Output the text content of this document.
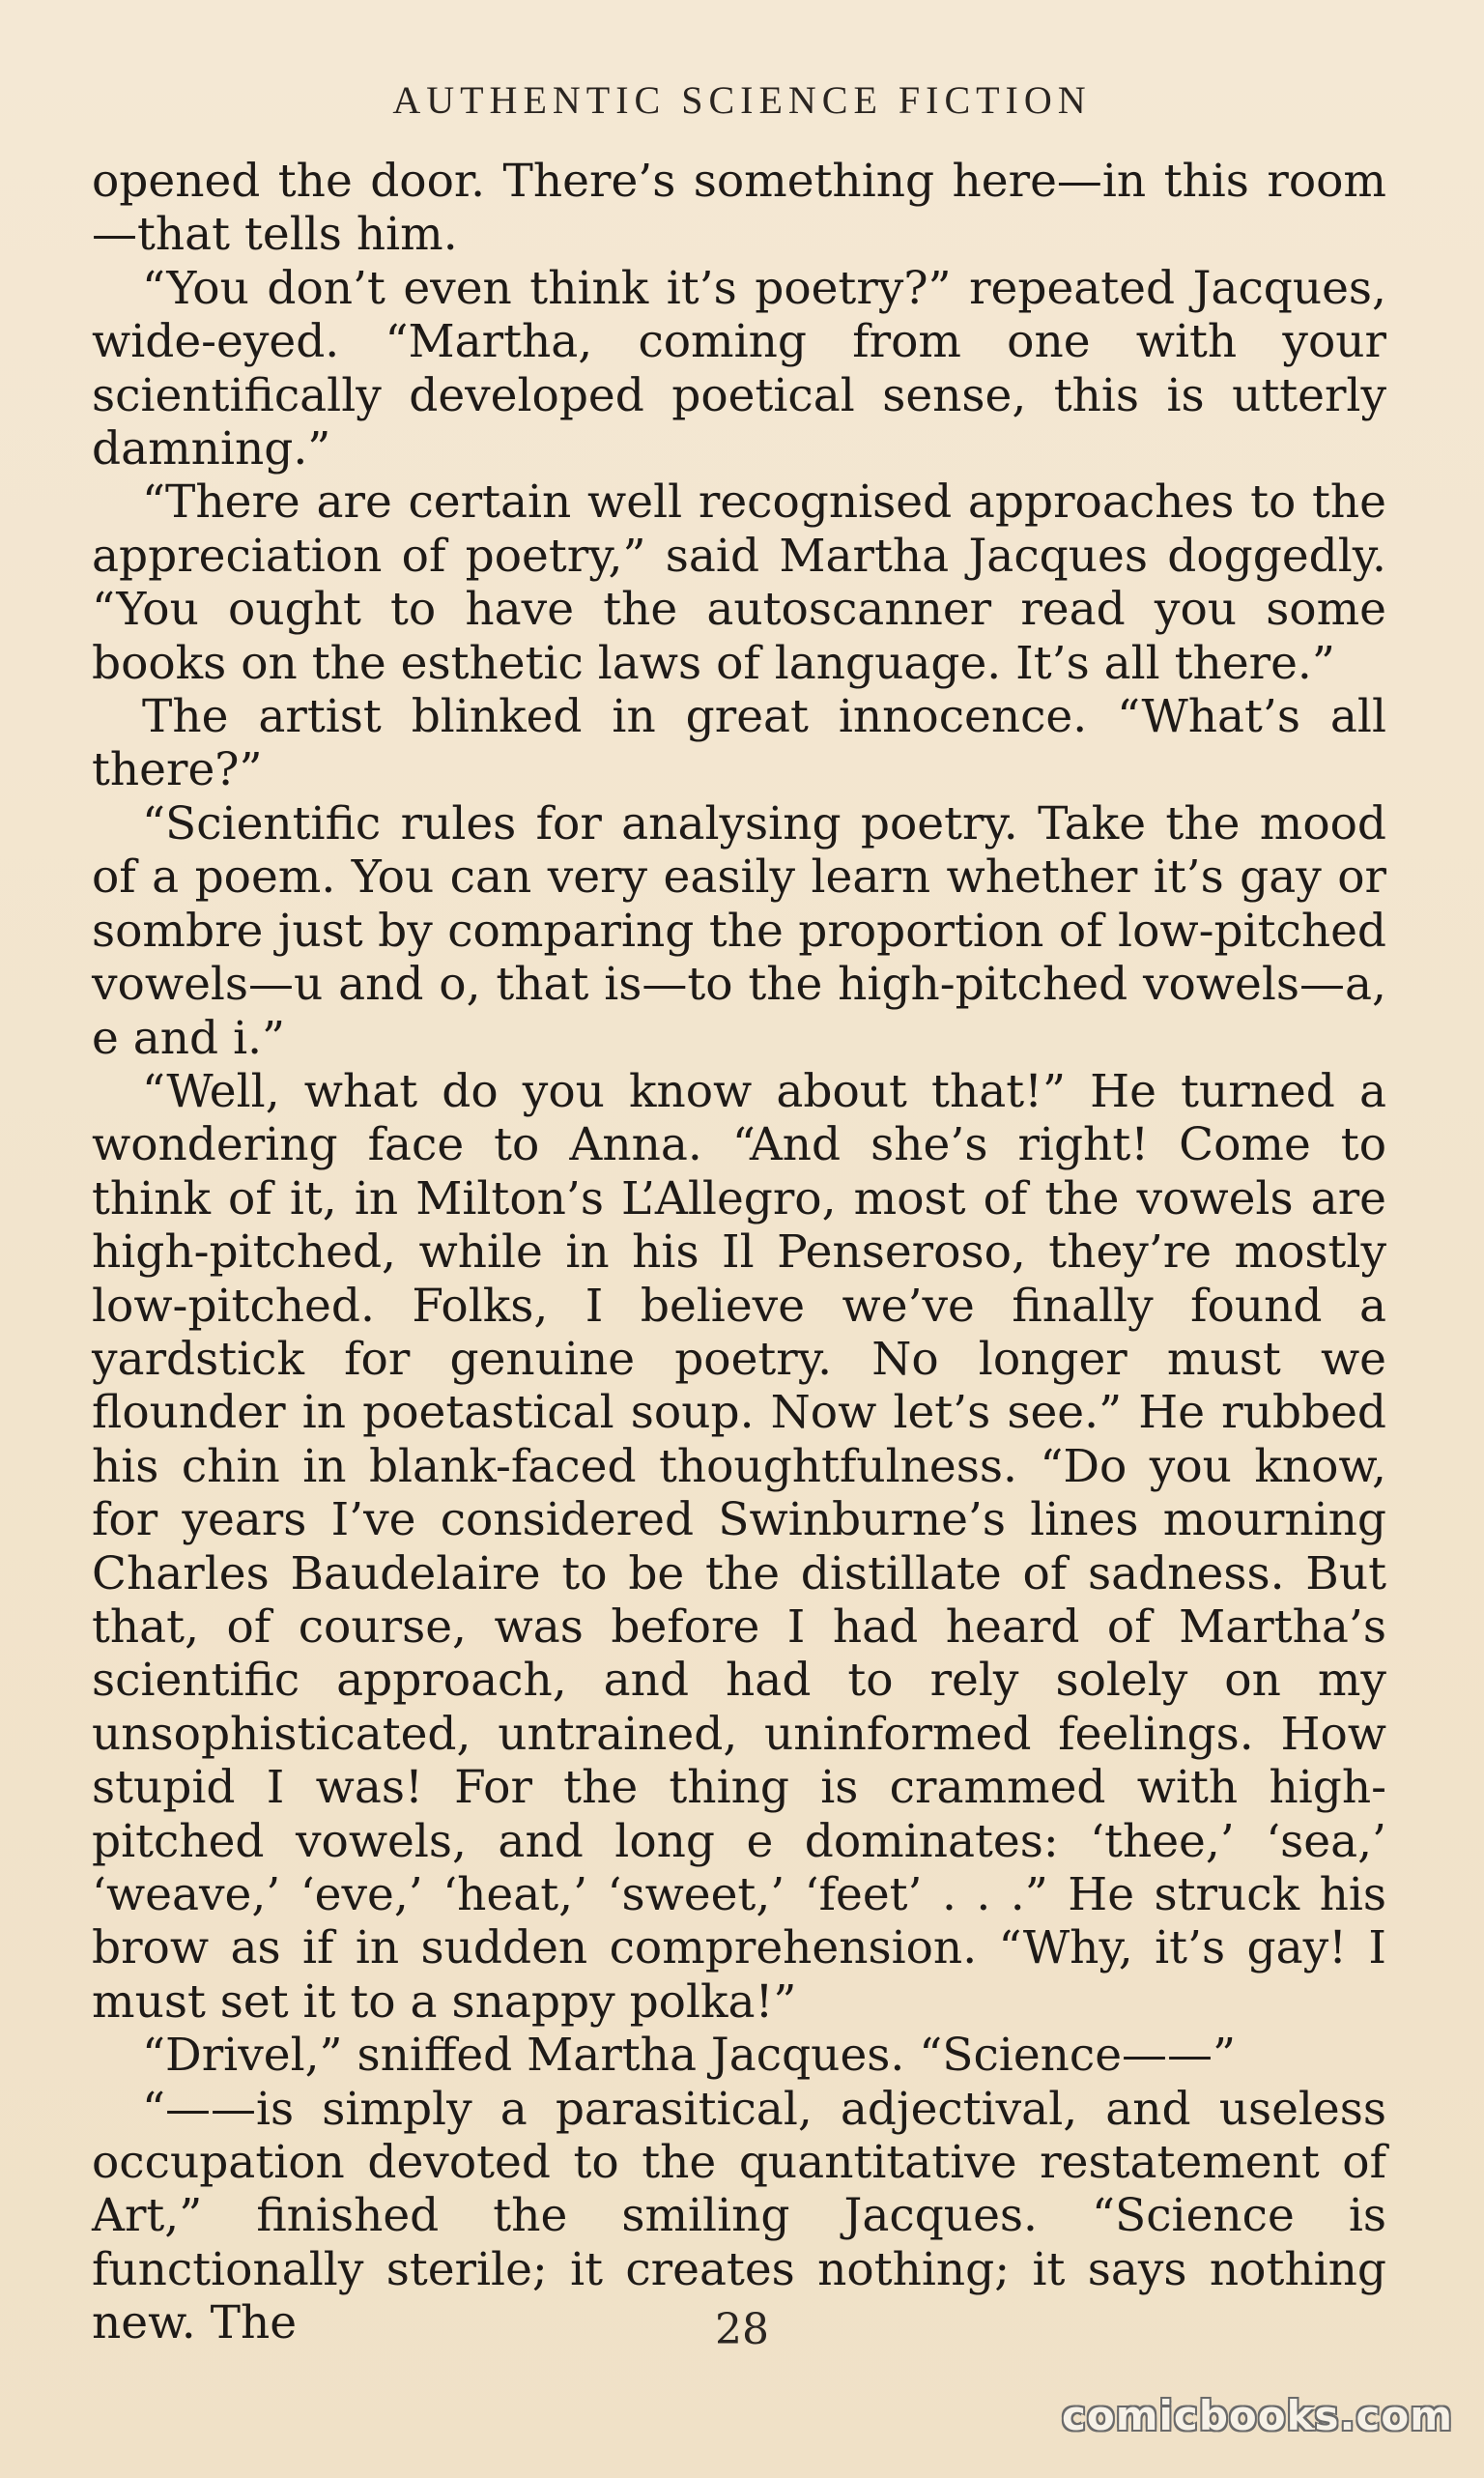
AUTHENTIC SCIENCE FICTION

opened the door. There’s something here—in this room —that tells him.

“You don’t even think it’s poetry?” repeated Jacques, wide-eyed. “Martha, coming from one with your scientifically developed poetical sense, this is utterly damning.”

“There are certain well recognised approaches to the appreciation of poetry,” said Martha Jacques doggedly. “You ought to have the autoscanner read you some books on the esthetic laws of language. It’s all there.”

The artist blinked in great innocence. “What’s all there?”

“Scientific rules for analysing poetry. Take the mood of a poem. You can very easily learn whether it’s gay or sombre just by comparing the proportion of low-pitched vowels—u and o, that is—to the high-pitched vowels—a, e and i.”

“Well, what do you know about that!” He turned a wondering face to Anna. “And she’s right! Come to think of it, in Milton’s L’Allegro, most of the vowels are high-pitched, while in his Il Penseroso, they’re mostly low-pitched. Folks, I believe we’ve finally found a yardstick for genuine poetry. No longer must we flounder in poetastical soup. Now let’s see.” He rubbed his chin in blank-faced thoughtfulness. “Do you know, for years I’ve considered Swinburne’s lines mourning Charles Baudelaire to be the distillate of sadness. But that, of course, was before I had heard of Martha’s scientific approach, and had to rely solely on my unsophisticated, untrained, uninformed feelings. How stupid I was! For the thing is crammed with high-pitched vowels, and long e dominates: ‘thee,’ ‘sea,’ ‘weave,’ ‘eve,’ ‘heat,’ ‘sweet,’ ‘feet’ . . .” He struck his brow as if in sudden comprehension. “Why, it’s gay! I must set it to a snappy polka!”

“Drivel,” sniffed Martha Jacques. “Science——”

“——is simply a parasitical, adjectival, and useless occupation devoted to the quantitative restatement of Art,” finished the smiling Jacques. “Science is functionally sterile; it creates nothing; it says nothing new. The	28
comicbooks.com
